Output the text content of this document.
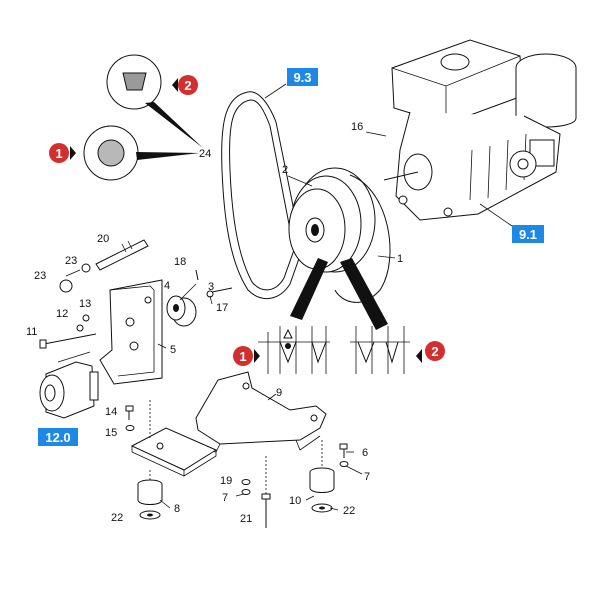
9.3
9.1
12.0
2
1
1	2
24
16
2
1
20
23
23
18
4	3
17
13
12
11
5
9
14
15
6
7
19
7	10
8
22
22
21
